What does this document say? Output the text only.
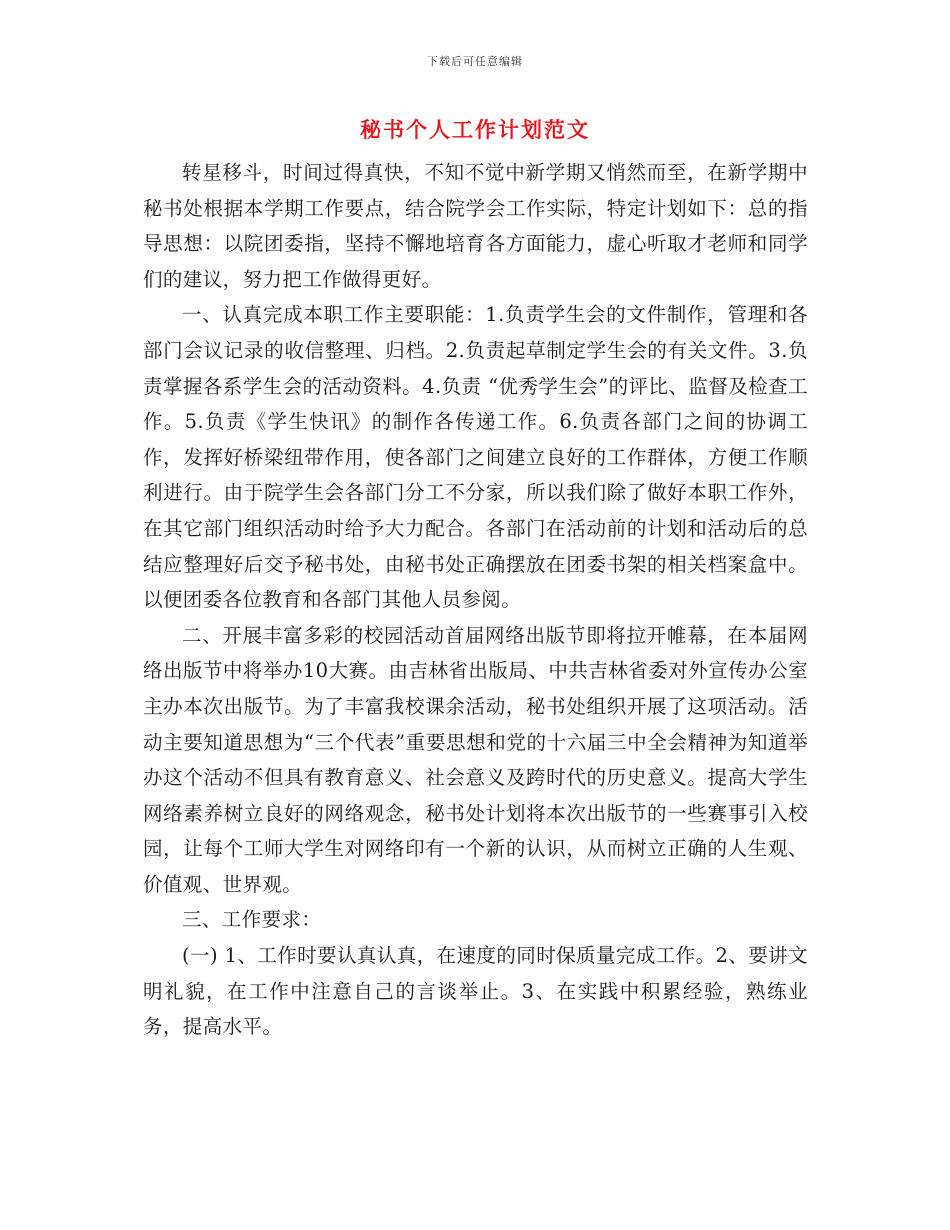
下载后可任意编辑
秘书个人工作计划范文

转星移斗，时间过得真快，不知不觉中新学期又悄然而至，在新学期中秘书处根据本学期工作要点，结合院学会工作实际，特定计划如下：总的指导思想：以院团委指，坚持不懈地培育各方面能力，虚心听取才老师和同学们的建议，努力把工作做得更好。

一、认真完成本职工作主要职能：1.负责学生会的文件制作，管理和各部门会议记录的收信整理、归档。2.负责起草制定学生会的有关文件。3.负责掌握各系学生会的活动资料。4.负责 “优秀学生会”的评比、监督及检查工作。5.负责《学生快讯》的制作各传递工作。6.负责各部门之间的协调工作，发挥好桥梁纽带作用，使各部门之间建立良好的工作群体，方便工作顺利进行。由于院学生会各部门分工不分家，所以我们除了做好本职工作外，在其它部门组织活动时给予大力配合。各部门在活动前的计划和活动后的总结应整理好后交予秘书处，由秘书处正确摆放在团委书架的相关档案盒中。以便团委各位教育和各部门其他人员参阅。

二、开展丰富多彩的校园活动首届网络出版节即将拉开帷幕，在本届网络出版节中将举办10大赛。由吉林省出版局、中共吉林省委对外宣传办公室主办本次出版节。为了丰富我校课余活动，秘书处组织开展了这项活动。活动主要知道思想为“三个代表”重要思想和党的十六届三中全会精神为知道举办这个活动不但具有教育意义、社会意义及跨时代的历史意义。提高大学生网络素养树立良好的网络观念，秘书处计划将本次出版节的一些赛事引入校园，让每个工师大学生对网络印有一个新的认识，从而树立正确的人生观、价值观、世界观。

三、工作要求：

(一) 1、工作时要认真认真，在速度的同时保质量完成工作。2、要讲文明礼貌，在工作中注意自己的言谈举止。3、在实践中积累经验，熟练业务，提高水平。
